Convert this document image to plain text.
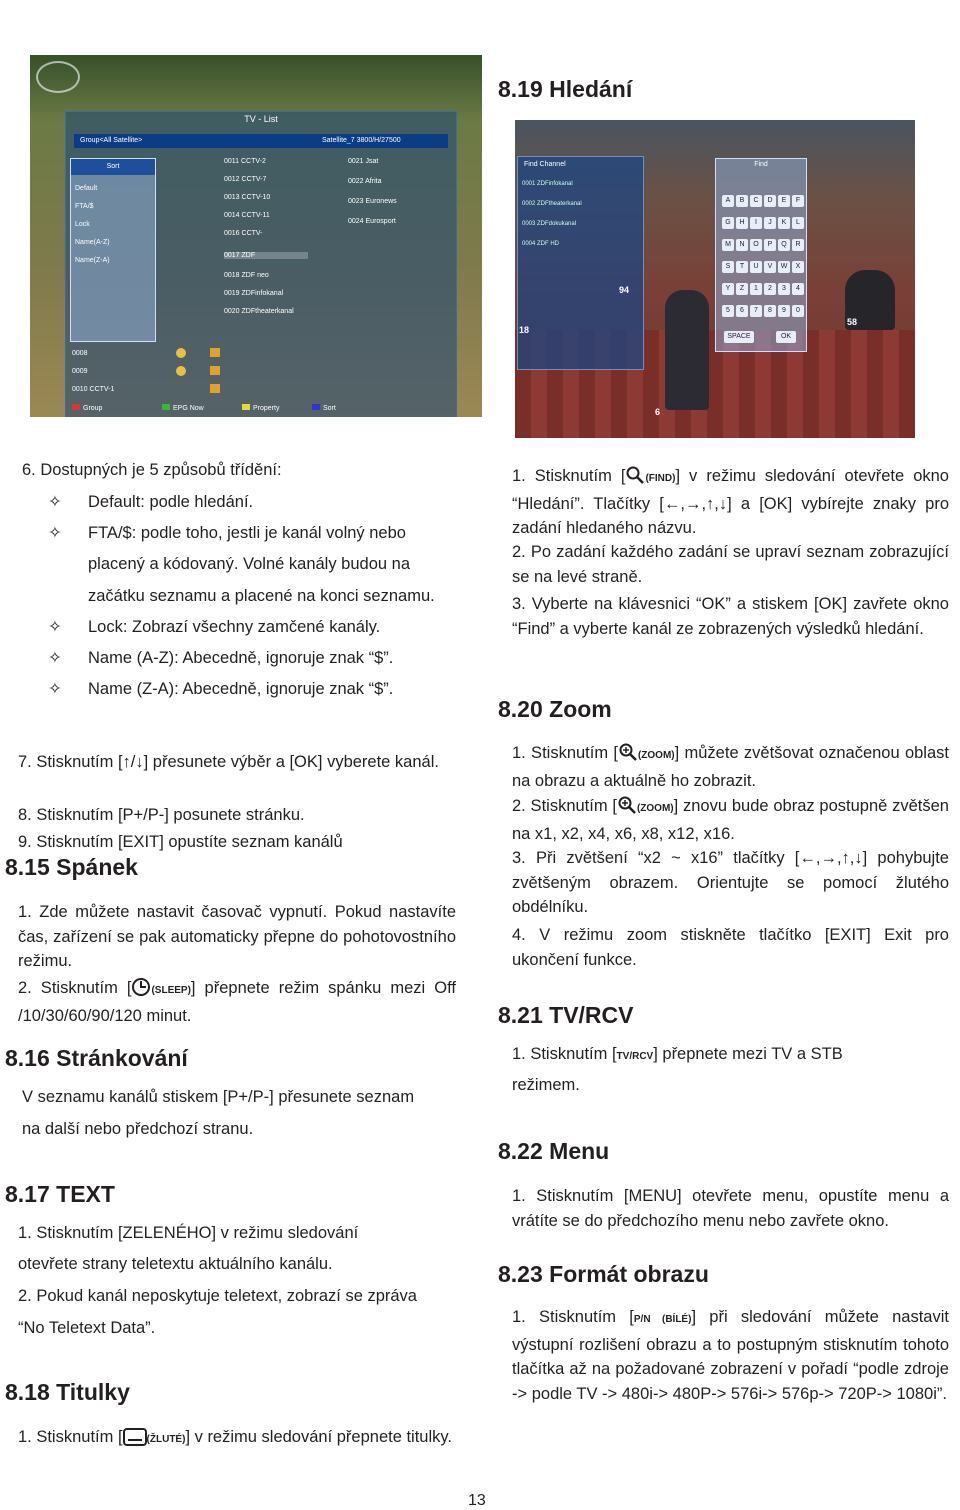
8.19 Hledání
TV - List
Group<All Satellite>	Satellite_7 3800/H/27500
Sort
Default
FTA/$
Lock
Name(A-Z)
Name(Z-A)
0011 CCTV-2
0012 CCTV-7
0013 CCTV-10
0014 CCTV-11
0016 CCTV-
0017 ZDF
0018 ZDF neo
0019 ZDFinfokanal
0020 ZDFtheaterkanal
0021 Jsat
0022 Afrita
0023 Euronews
0024 Eurosport
0008
0009
0010 CCTV-1
Group	EPG Now	Property	Sort
Find Channel
0001 ZDFinfokanal
0002 ZDFtheaterkanal
0003 ZDFdokukanal
0004 ZDF HD
Find
A	B	C	D	E	F
G	H	I	J	K	L
M	N	O	P	Q	R
S	T	U	V	W	X
Y	Z	1	2	3	4
5	6	7	8	9	0
SPACE	OK
94
18
58
6
6. Dostupných je 5 způsobů třídění:
✧ Default: podle hledání.
✧ FTA/$: podle toho, jestli je kanál volný nebo placený a kódovaný. Volné kanály budou na začátku seznamu a placené na konci seznamu.
✧ Lock: Zobrazí všechny zamčené kanály.
✧ Name (A-Z): Abecedně, ignoruje znak “$”.
✧ Name (Z-A): Abecedně, ignoruje znak “$”.
7. Stisknutím [↑/↓] přesunete výběr a [OK] vyberete kanál.
8. Stisknutím [P+/P-] posunete stránku.
9. Stisknutím [EXIT] opustíte seznam kanálů
8.15 Spánek
1. Zde můžete nastavit časovač vypnutí. Pokud nastavíte čas, zařízení se pak automaticky přepne do pohotovostního režimu.
2. Stisknutím [ (SLEEP)] přepnete režim spánku mezi Off /10/30/60/90/120 minut.
8.16 Stránkování
V seznamu kanálů stiskem [P+/P-] přesunete seznam
na další nebo předchozí stranu.
8.17 TEXT
1. Stisknutím [ZELENÉHO] v režimu sledování
otevřete strany teletextu aktuálního kanálu.
2. Pokud kanál neposkytuje teletext, zobrazí se zpráva
“No Teletext Data”.
8.18 Titulky
1. Stisknutím [ (ŽLUTÉ)] v režimu sledování přepnete titulky.
1. Stisknutím [ (FIND)] v režimu sledování otevřete okno “Hledání”. Tlačítky [←,→,↑,↓] a [OK] vybírejte znaky pro zadání hledaného názvu.
2. Po zadání každého zadání se upraví seznam zobrazující se na levé straně.
3. Vyberte na klávesnici “OK” a stiskem [OK] zavřete okno “Find” a vyberte kanál ze zobrazených výsledků hledání.
8.20 Zoom
1. Stisknutím [ (ZOOM)] můžete zvětšovat označenou oblast na obrazu a aktuálně ho zobrazit.
2. Stisknutím [ (ZOOM)] znovu bude obraz postupně zvětšen na x1, x2, x4, x6, x8, x12, x16.
3. Při zvětšení “x2 ~ x16” tlačítky [←,→,↑,↓] pohybujte zvětšeným obrazem. Orientujte se pomocí žlutého obdélníku.
4. V režimu zoom stiskněte tlačítko [EXIT] Exit pro ukončení funkce.
8.21 TV/RCV
1. Stisknutím [TV/RCV] přepnete mezi TV a STB
režimem.
8.22 Menu
1. Stisknutím [MENU] otevřete menu, opustíte menu a vrátíte se do předchozího menu nebo zavřete okno.
8.23 Formát obrazu
1. Stisknutím [P/N (BÍLÉ)] při sledování můžete nastavit výstupní rozlišení obrazu a to postupným stisknutím tohoto tlačítka až na požadované zobrazení v pořadí “podle zdroje -> podle TV -> 480i-> 480P-> 576i-> 576p-> 720P-> 1080i”.
13
